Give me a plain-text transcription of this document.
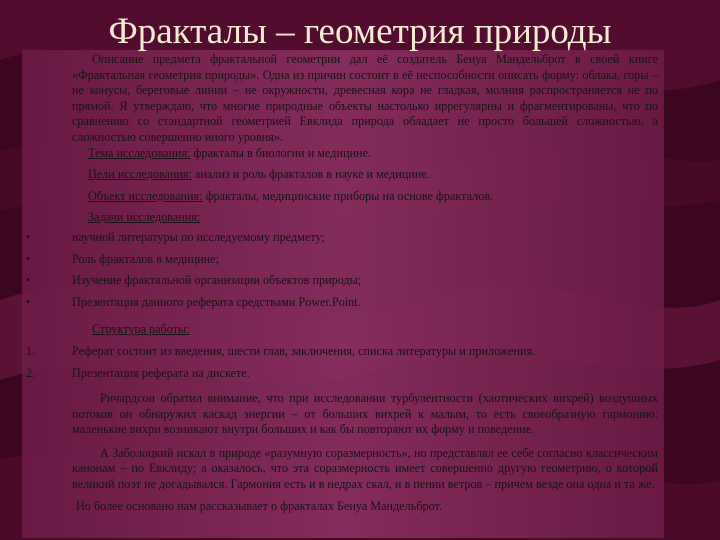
Фракталы – геометрия природы

Описание предмета фрактальной геометрии дал её создатель Бенуа Мандельброт в своей книге «Фрактальная геометрия природы». Одна из причин состоит в её неспособности описать форму: облака, горы – не конусы, береговые линии – не окружности, древесная кора не гладкая, молния распространяется не по прямой. Я утверждаю, что многие природные объекты настолько иррегулярны и фрагментированы, что по сравнению со стандартной геометрией Евклида природа обладает не просто большей сложностью, а сложностью совершенно иного уровня».

Тема исследования: фракталы в биологии и медицине.

Цели исследования: анализ и роль фракталов в науке и медицине.

Объект исследования: фракталы, медицинские приборы на основе фракталов.

Задачи исследования:

•	научной литературы по исследуемому предмету;
•	Роль фракталов в медицине;
•	Изучение фрактальной организации объектов природы;
•	Презентация данного реферата средствами Power.Point.

Структура работы:

1.	Реферат состоит из введения, шести глав, заключения, списка литературы и приложения.
2.	Презентация реферата на дискете.

Ричардсон обратил внимание, что при исследовании турбулентности (хаотических вихрей) воздушных потоков он обнаружил каскад энергии – от больших вихрей к малым, то есть своеобразную гармонию: маленькие вихри возникают внутри больших и как бы повторяют их форму и поведение.

А Заболоцкий искал в природе «разумную соразмерность», но представлял ее себе согласно классическим канонам – по Евклиду; а оказалось, что эта соразмерность имеет совершенно другую геометрию, о которой великий поэт не догадывался. Гармония есть и в недрах скал, и в пении ветров – причем везде она одна и та же.

Но более основано нам рассказывает о фракталах Бенуа Мандельброт.
